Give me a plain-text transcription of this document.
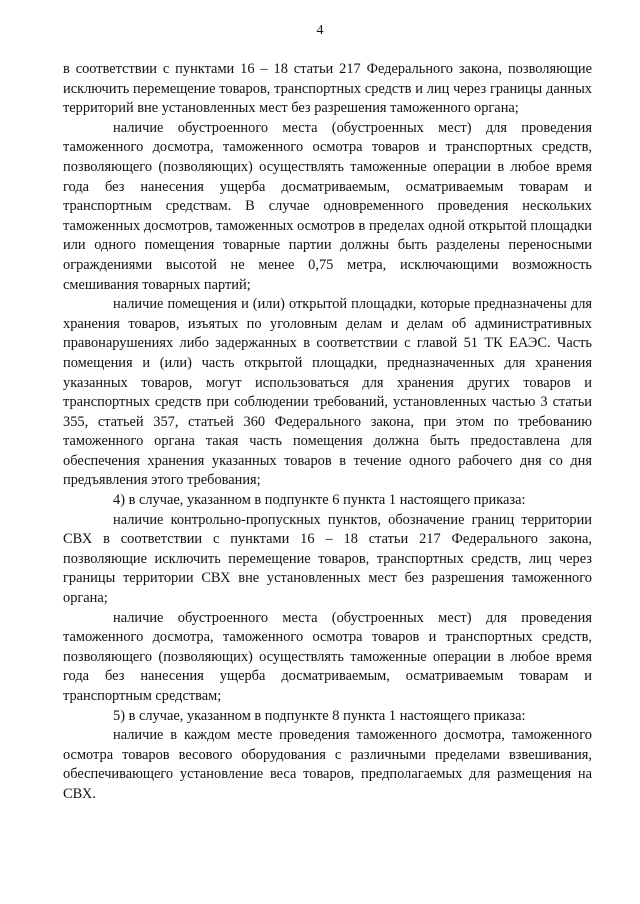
4

в соответствии с пунктами 16 – 18 статьи 217 Федерального закона, позволяющие исключить перемещение товаров, транспортных средств и лиц через границы данных территорий вне установленных мест без разрешения таможенного органа;

наличие обустроенного места (обустроенных мест) для проведения таможенного досмотра, таможенного осмотра товаров и транспортных средств, позволяющего (позволяющих) осуществлять таможенные операции в любое время года без нанесения ущерба досматриваемым, осматриваемым товарам и транспортным средствам. В случае одновременного проведения нескольких таможенных досмотров, таможенных осмотров в пределах одной открытой площадки или одного помещения товарные партии должны быть разделены переносными ограждениями высотой не менее 0,75 метра, исключающими возможность смешивания товарных партий;

наличие помещения и (или) открытой площадки, которые предназначены для хранения товаров, изъятых по уголовным делам и делам об административных правонарушениях либо задержанных в соответствии с главой 51 ТК ЕАЭС. Часть помещения и (или) часть открытой площадки, предназначенных для хранения указанных товаров, могут использоваться для хранения других товаров и транспортных средств при соблюдении требований, установленных частью 3 статьи 355, статьей 357, статьей 360 Федерального закона, при этом по требованию таможенного органа такая часть помещения должна быть предоставлена для обеспечения хранения указанных товаров в течение одного рабочего дня со дня предъявления этого требования;

4) в случае, указанном в подпункте 6 пункта 1 настоящего приказа:

наличие контрольно-пропускных пунктов, обозначение границ территории СВХ в соответствии с пунктами 16 – 18 статьи 217 Федерального закона, позволяющие исключить перемещение товаров, транспортных средств, лиц через границы территории СВХ вне установленных мест без разрешения таможенного органа;

наличие обустроенного места (обустроенных мест) для проведения таможенного досмотра, таможенного осмотра товаров и транспортных средств, позволяющего (позволяющих) осуществлять таможенные операции в любое время года без нанесения ущерба досматриваемым, осматриваемым товарам и транспортным средствам;

5) в случае, указанном в подпункте 8 пункта 1 настоящего приказа:

наличие в каждом месте проведения таможенного досмотра, таможенного осмотра товаров весового оборудования с различными пределами взвешивания, обеспечивающего установление веса товаров, предполагаемых для размещения на СВХ.
